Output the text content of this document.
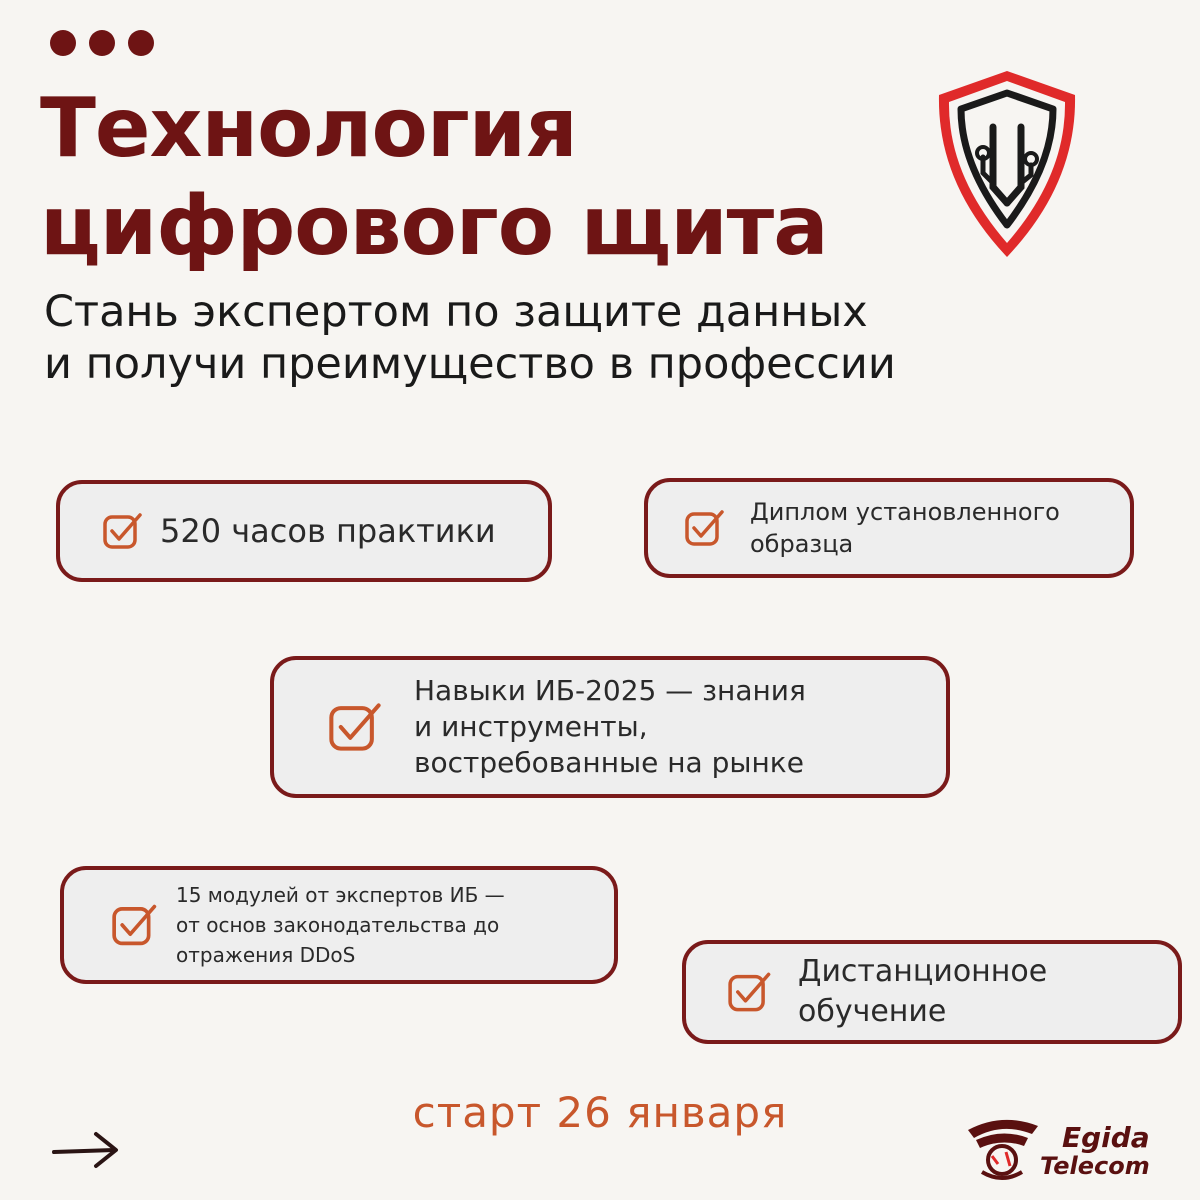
Технология
цифрового щита
Стань экспертом по защите данных
и получи преимущество в профессии
520 часов практики	Диплом установленного
образца
Навыки ИБ-2025 — знания
и инструменты,
востребованные на рынке
15 модулей от экспертов ИБ —
от основ законодательства до
отражения DDoS	Дистанционное
обучение
старт 26 января
Egida
Telecom
